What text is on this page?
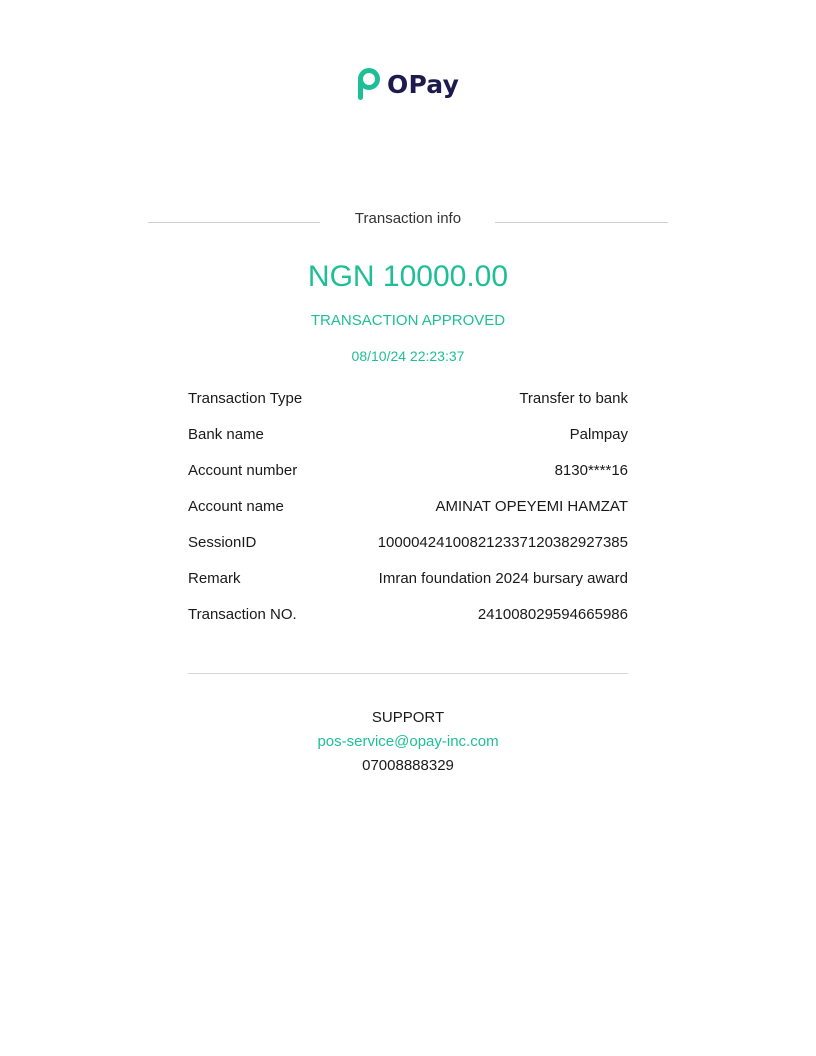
OPay
Transaction info
NGN 10000.00
TRANSACTION APPROVED
08/10/24 22:23:37
Transaction Type	Transfer to bank
Bank name	Palmpay
Account number	8130****16
Account name	AMINAT OPEYEMI HAMZAT
SessionID	100004241008212337120382927385
Remark	Imran foundation 2024 bursary award
Transaction NO.	241008029594665986
SUPPORT
pos-service@opay-inc.com
07008888329
